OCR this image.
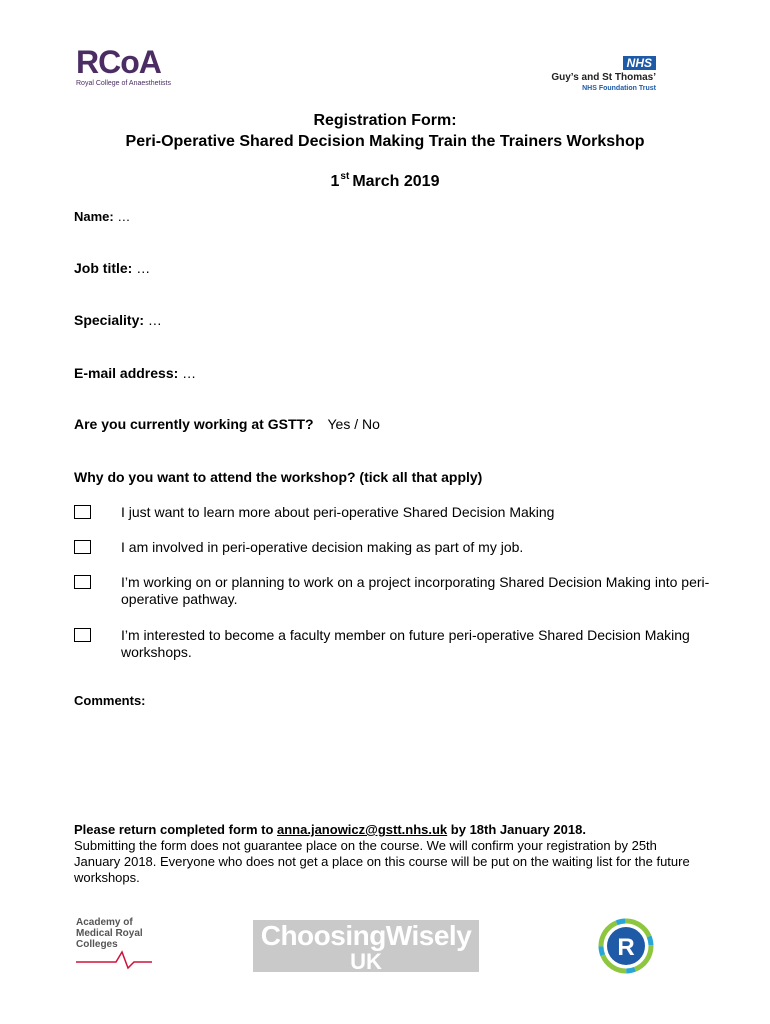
RCoA
Royal College of Anaesthetists
NHS
Guy’s and St Thomas’
NHS Foundation Trust
Registration Form:
Peri-Operative Shared Decision Making Train the Trainers Workshop
1st March 2019
Name: …
Job title: …
Speciality: …
E-mail address: …
Are you currently working at GSTT? Yes / No
Why do you want to attend the workshop? (tick all that apply)
I just want to learn more about peri-operative Shared Decision Making
I am involved in peri-operative decision making as part of my job.
I’m working on or planning to work on a project incorporating Shared Decision Making into peri-operative pathway.
I’m interested to become a faculty member on future peri-operative Shared Decision Making workshops.
Comments:
Please return completed form to anna.janowicz@gstt.nhs.uk by 18th January 2018.
Submitting the form does not guarantee place on the course. We will confirm your registration by 25th January 2018. Everyone who does not get a place on this course will be put on the waiting list for the future workshops.
Academy of
Medical Royal
Colleges	ChoosingWisely
UK
R
